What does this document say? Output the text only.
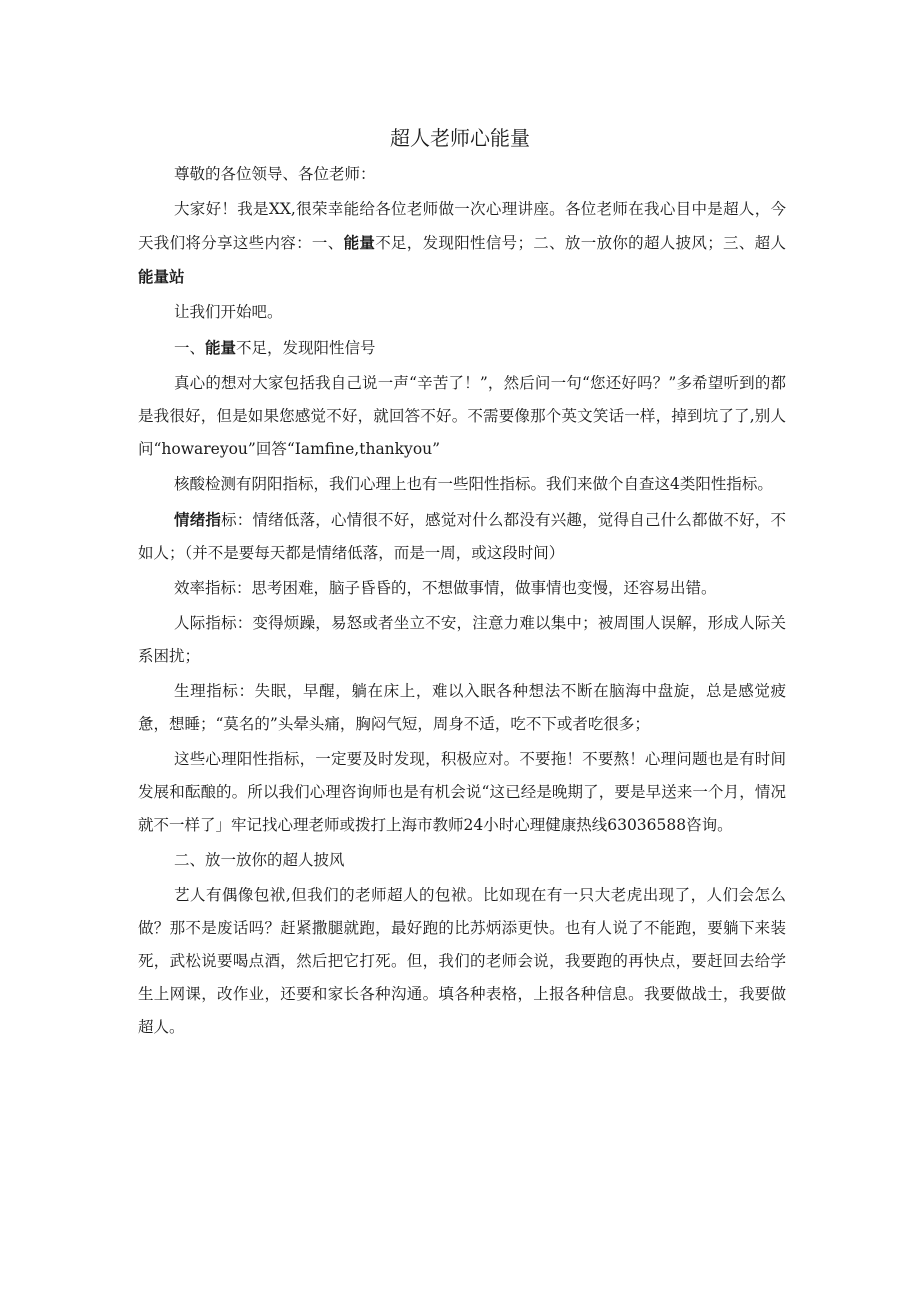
超人老师心能量

尊敬的各位领导、各位老师：

大家好！我是XX,很荣幸能给各位老师做一次心理讲座。各位老师在我心目中是超人，今天我们将分享这些内容：一、能量不足，发现阳性信号；二、放一放你的超人披风；三、超人能量站

让我们开始吧。

一、能量不足，发现阳性信号

真心的想对大家包括我自己说一声“辛苦了！”，然后问一句“您还好吗？”多希望听到的都是我很好，但是如果您感觉不好，就回答不好。不需要像那个英文笑话一样，掉到坑了了,别人问“howareyou”回答“Iamfine,thankyou”

核酸检测有阴阳指标，我们心理上也有一些阳性指标。我们来做个自查这4类阳性指标。

情绪指标：情绪低落，心情很不好，感觉对什么都没有兴趣，觉得自己什么都做不好，不如人；（并不是要每天都是情绪低落，而是一周，或这段时间）

效率指标：思考困难，脑子昏昏的，不想做事情，做事情也变慢，还容易出错。

人际指标：变得烦躁，易怒或者坐立不安，注意力难以集中；被周围人误解，形成人际关系困扰；

生理指标：失眠，早醒，躺在床上，难以入眠各种想法不断在脑海中盘旋，总是感觉疲惫，想睡；“莫名的”头晕头痛，胸闷气短，周身不适，吃不下或者吃很多；

这些心理阳性指标，一定要及时发现，积极应对。不要拖！不要熬！心理问题也是有时间发展和酝酿的。所以我们心理咨询师也是有机会说“这已经是晚期了，要是早送来一个月，情况就不一样了」牢记找心理老师或拨打上海市教师24小时心理健康热线63036588咨询。

二、放一放你的超人披风

艺人有偶像包袱,但我们的老师超人的包袱。比如现在有一只大老虎出现了，人们会怎么做？那不是废话吗？赶紧撒腿就跑，最好跑的比苏炳添更快。也有人说了不能跑，要躺下来装死，武松说要喝点酒，然后把它打死。但，我们的老师会说，我要跑的再快点，要赶回去给学生上网课，改作业，还要和家长各种沟通。填各种表格，上报各种信息。我要做战士，我要做超人。
